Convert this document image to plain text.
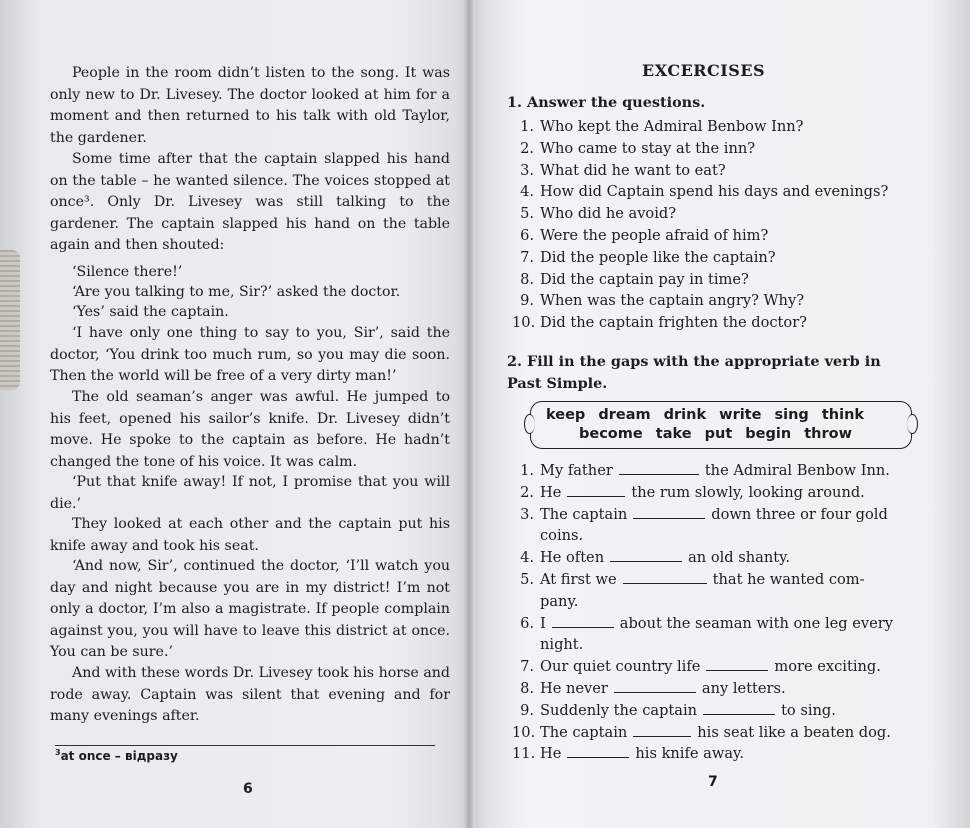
People in the room didn’t listen to the song. It was only new to Dr. Livesey. The doctor looked at him for a moment and then returned to his talk with old Taylor, the gardener.

Some time after that the captain slapped his hand on the table – he wanted silence. The voices stopped at once³. Only Dr. Livesey was still talking to the gardener. The captain slapped his hand on the table again and then shouted:

‘Silence there!’

‘Are you talking to me, Sir?’ asked the doctor.

‘Yes’ said the captain.

‘I have only one thing to say to you, Sir’, said the doctor, ‘You drink too much rum, so you may die soon. Then the world will be free of a very dirty man!’

The old seaman’s anger was awful. He jumped to his feet, opened his sailor’s knife. Dr. Livesey didn’t move. He spoke to the captain as before. He hadn’t changed the tone of his voice. It was calm.

‘Put that knife away! If not, I promise that you will die.’

They looked at each other and the captain put his knife away and took his seat.

‘And now, Sir’, continued the doctor, ‘I’ll watch you day and night because you are in my district! I’m not only a doctor, I’m also a magistrate. If people complain against you, you will have to leave this district at once. You can be sure.’

And with these words Dr. Livesey took his horse and rode away. Captain was silent that evening and for many evenings after.

$^3$at once – відразу
6
EXCERCISES
1. Answer the questions.
1. Who kept the Admiral Benbow Inn?
2. Who came to stay at the inn?
3. What did he want to eat?
4. How did Captain spend his days and evenings?
5. Who did he avoid?
6. Were the people afraid of him?
7. Did the people like the captain?
8. Did the captain pay in time?
9. When was the captain angry? Why?
10. Did the captain frighten the doctor?
2. Fill in the gaps with the appropriate verb in
Past Simple.
keep dream drink write sing think
become take put begin throw
1. My father	the Admiral Benbow Inn.
2. He	the rum slowly, looking around.
3. The captain	down three or four gold
coins.
4. He often	an old shanty.
5. At first we	that he wanted com-
pany.
6. I	about the seaman with one leg every
night.
7. Our quiet country life	more exciting.
8. He never	any letters.
9. Suddenly the captain	to sing.
10. The captain	his seat like a beaten dog.
11. He	his knife away.
7
